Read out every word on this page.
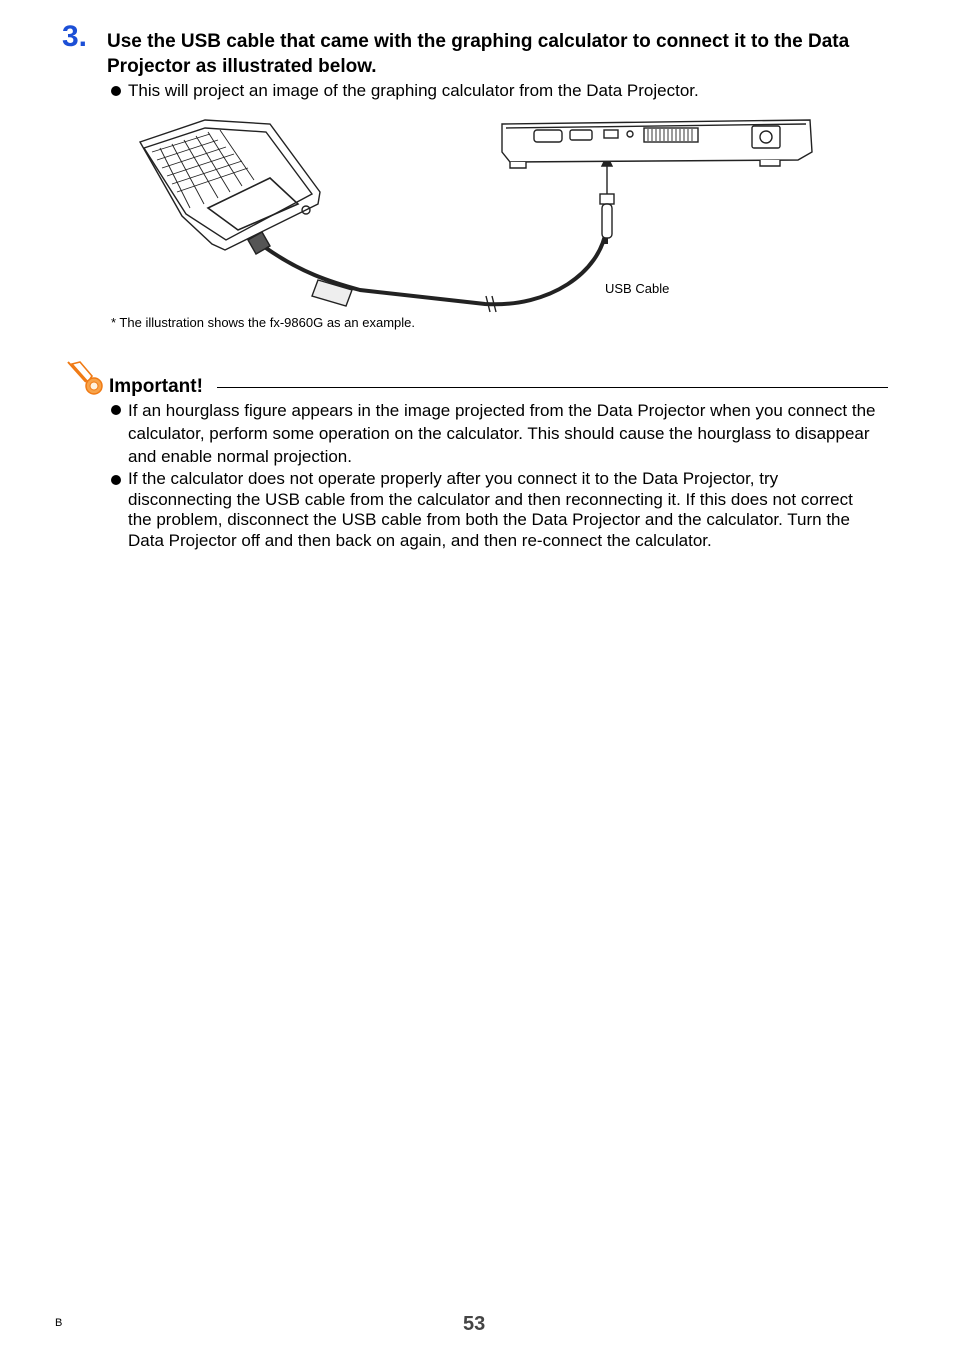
3. Use the USB cable that came with the graphing calculator to connect it to the Data Projector as illustrated below.

This will project an image of the graphing calculator from the Data Projector.

USB Cable
* The illustration shows the fx-9860G as an example.
Important!

If an hourglass figure appears in the image projected from the Data Projector when you connect the calculator, perform some operation on the calculator. This should cause the hourglass to disappear and enable normal projection.

If the calculator does not operate properly after you connect it to the Data Projector, try disconnecting the USB cable from the calculator and then reconnecting it. If this does not correct the problem, disconnect the USB cable from both the Data Projector and the calculator. Turn the Data Projector off and then back on again, and then re-connect the calculator.

B	53
